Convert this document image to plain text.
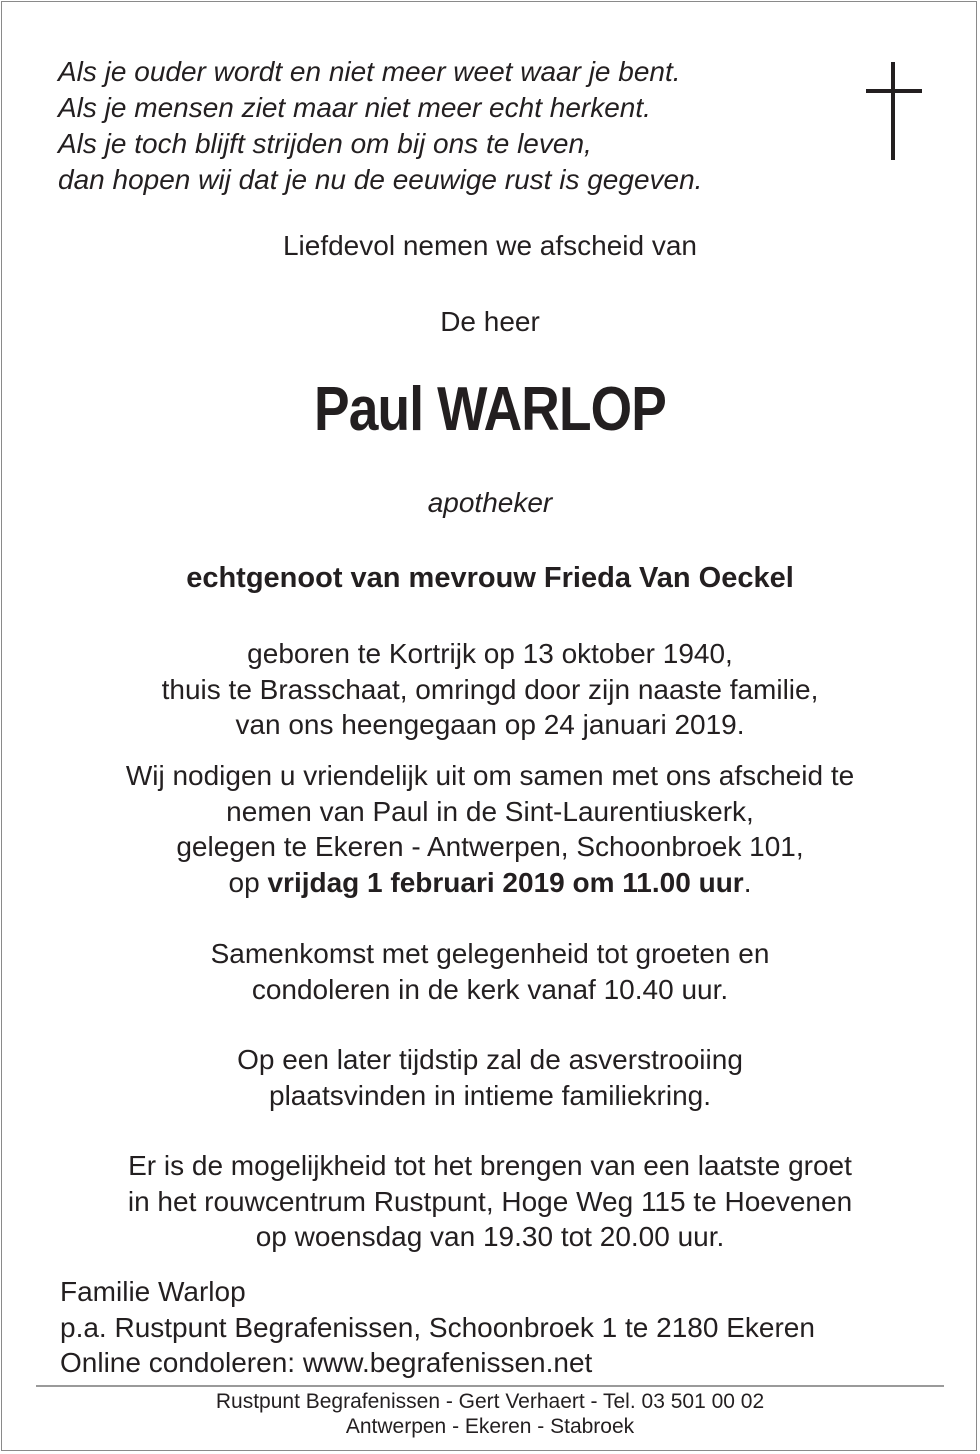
Als je ouder wordt en niet meer weet waar je bent.
Als je mensen ziet maar niet meer echt herkent.
Als je toch blijft strijden om bij ons te leven,
dan hopen wij dat je nu de eeuwige rust is gegeven.
Liefdevol nemen we afscheid van
De heer
Paul WARLOP
apotheker
echtgenoot van mevrouw Frieda Van Oeckel
geboren te Kortrijk op 13 oktober 1940,
thuis te Brasschaat, omringd door zijn naaste familie,
van ons heengegaan op 24 januari 2019.
Wij nodigen u vriendelijk uit om samen met ons afscheid te
nemen van Paul in de Sint-Laurentiuskerk,
gelegen te Ekeren - Antwerpen, Schoonbroek 101,
op vrijdag 1 februari 2019 om 11.00 uur.
Samenkomst met gelegenheid tot groeten en
condoleren in de kerk vanaf 10.40 uur.
Op een later tijdstip zal de asverstrooiing
plaatsvinden in intieme familiekring.
Er is de mogelijkheid tot het brengen van een laatste groet
in het rouwcentrum Rustpunt, Hoge Weg 115 te Hoevenen
op woensdag van 19.30 tot 20.00 uur.
Familie Warlop
p.a. Rustpunt Begrafenissen, Schoonbroek 1 te 2180 Ekeren
Online condoleren: www.begrafenissen.net
Rustpunt Begrafenissen - Gert Verhaert - Tel. 03 501 00 02
Antwerpen - Ekeren - Stabroek
